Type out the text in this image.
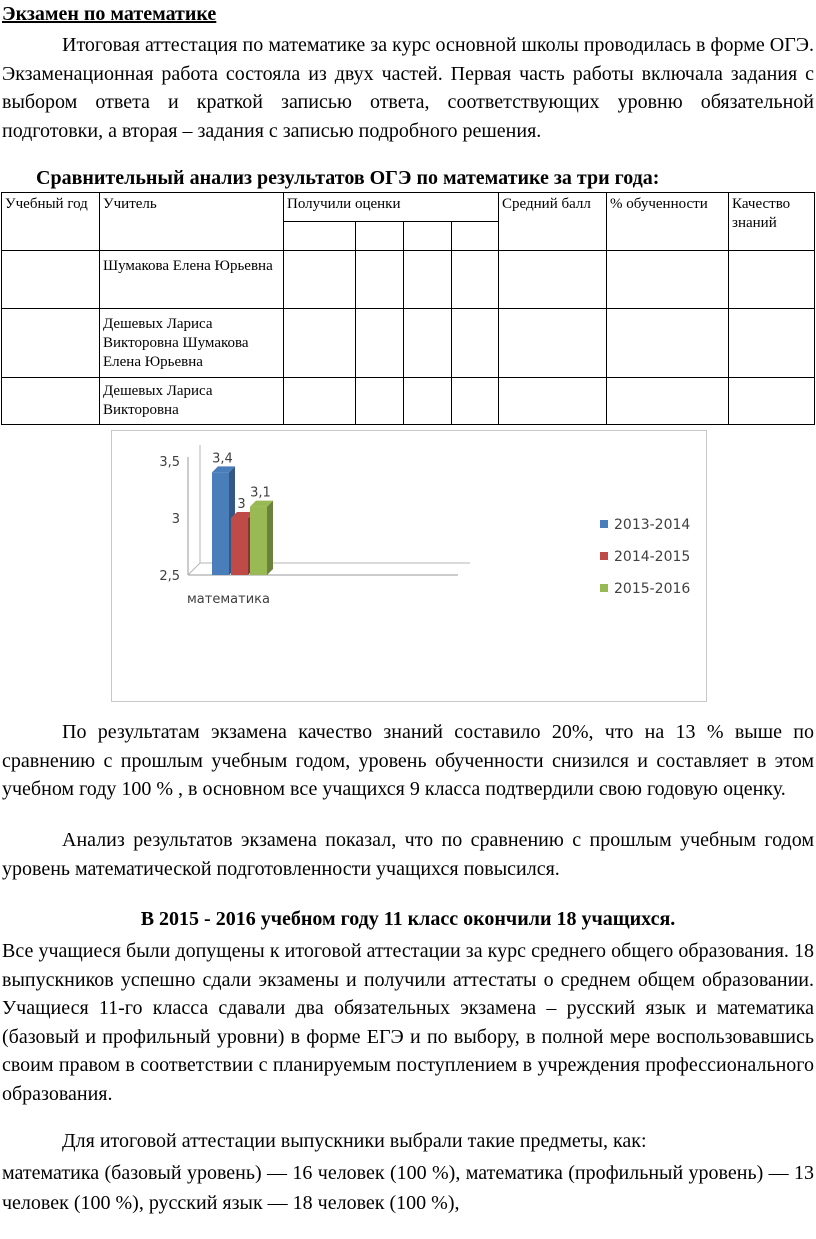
Экзамен по математике

Итоговая аттестация по математике за курс основной школы проводилась в форме ОГЭ. Экзаменационная работа состояла из двух частей. Первая часть работы включала задания с выбором ответа и краткой записью ответа, соответствующих уровню обязательной подготовки, а вторая – задания с записью подробного решения.

Сравнительный анализ результатов ОГЭ по математике за три года:
Учебный год	Учитель	Получили оценки				Средний балл	% обученности	Качество знаний

	Шумакова Елена Юрьевна							
	Дешевых Лариса Викторовна Шумакова Елена Юрьевна							
	Дешевых Лариса Викторовна							
2,5
3
3,5 3,4
3
3,1
математика
2013-2014
2014-2015
2015-2016

По результатам экзамена качество знаний составило 20%, что на 13 % выше по сравнению с прошлым учебным годом, уровень обученности снизился и составляет в этом учебном году 100 % , в основном все учащихся 9 класса подтвердили свою годовую оценку.

Анализ результатов экзамена показал, что по сравнению с прошлым учебным годом уровень математической подготовленности учащихся повысился.

В 2015 - 2016 учебном году 11 класс окончили 18 учащихся.

Все учащиеся были допущены к итоговой аттестации за курс среднего общего образования. 18 выпускников успешно сдали экзамены и получили аттестаты о среднем общем образовании. Учащиеся 11-го класса сдавали два обязательных экзамена – русский язык и математика (базовый и профильный уровни) в форме ЕГЭ и по выбору, в полной мере воспользовавшись своим правом в соответствии с планируемым поступлением в учреждения профессионального образования.

Для итоговой аттестации выпускники выбрали такие предметы, как:

математика (базовый уровень) — 16 человек (100 %), математика (профильный уровень) — 13 человек (100 %), русский язык — 18 человек (100 %),
